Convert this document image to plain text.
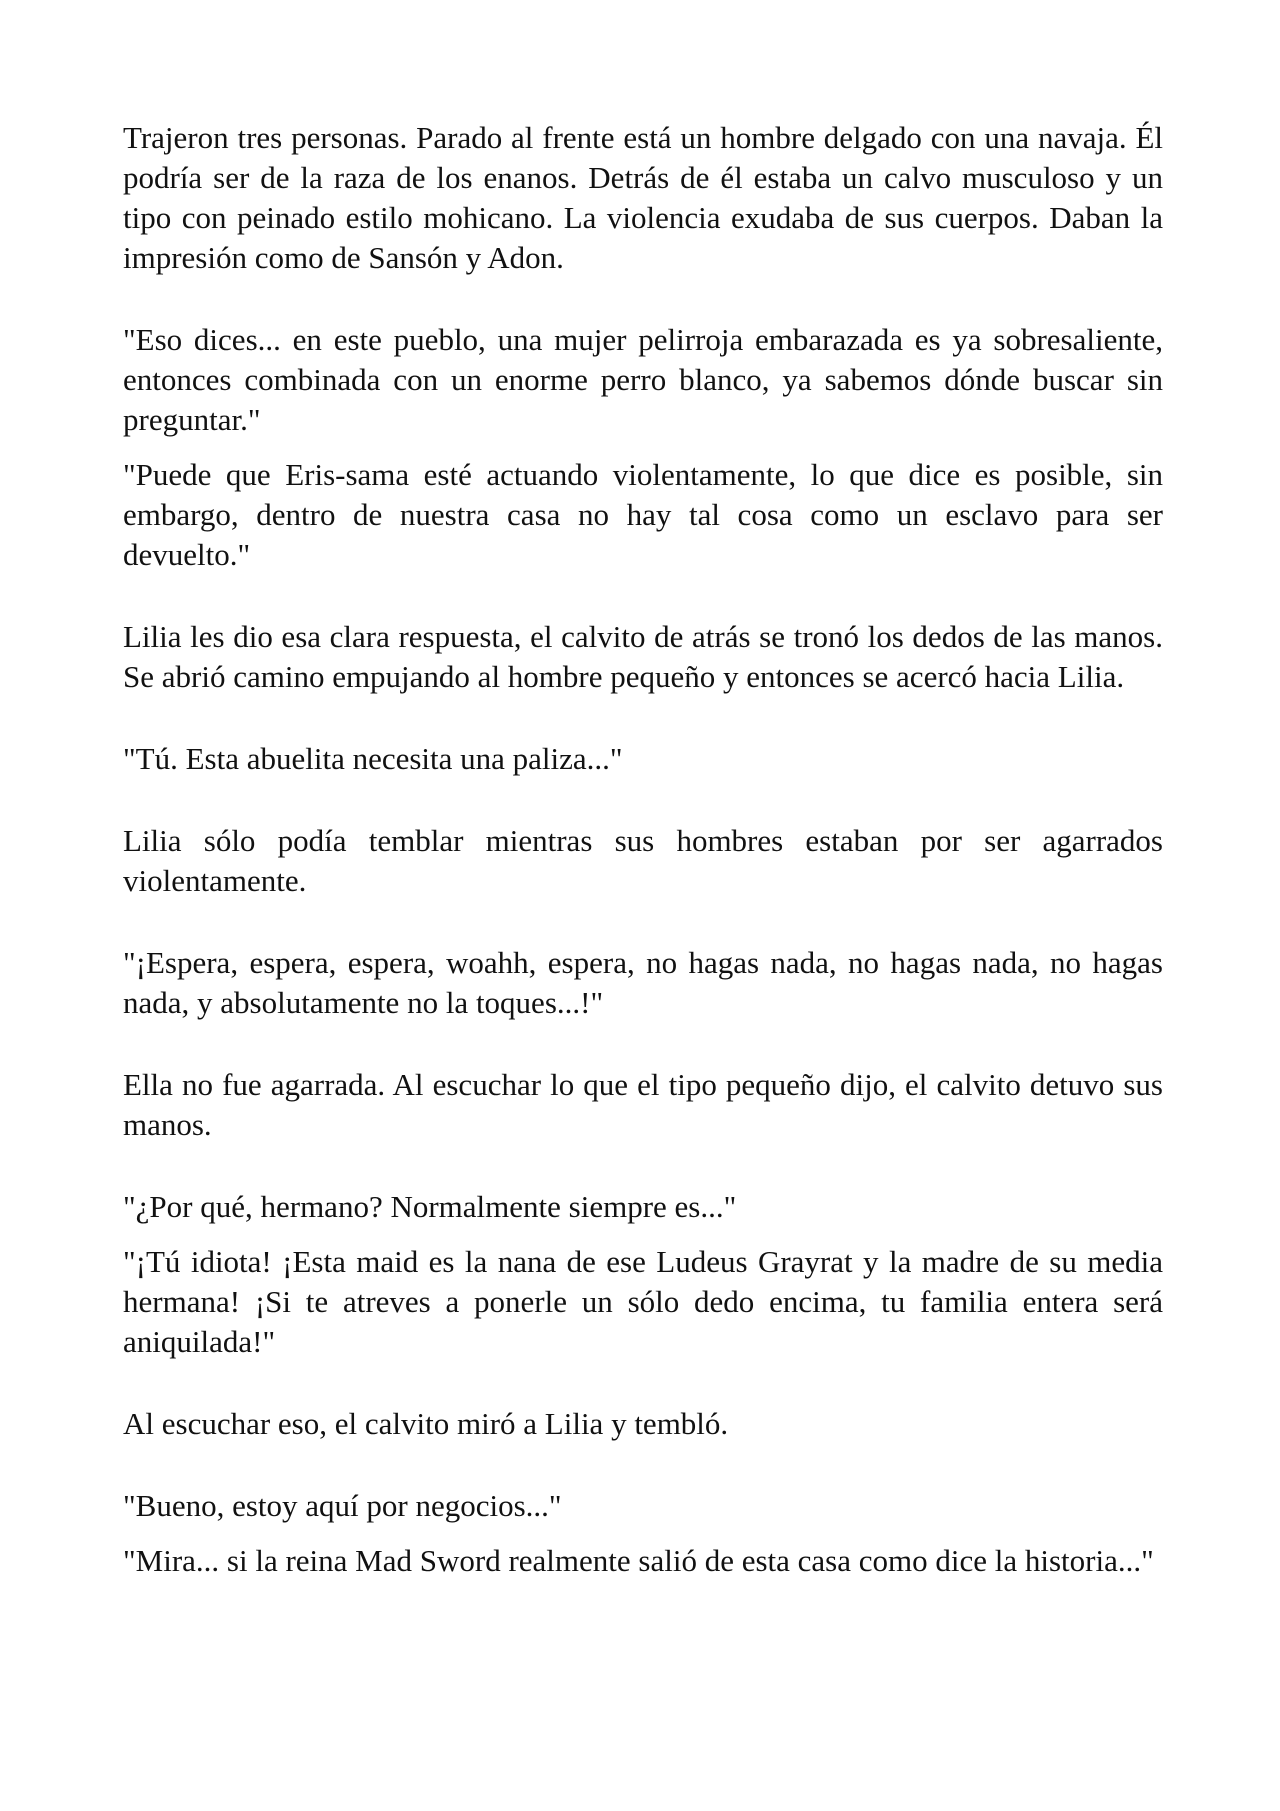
Trajeron tres personas. Parado al frente está un hombre delgado con una navaja. Él podría ser de la raza de los enanos. Detrás de él estaba un calvo musculoso y un tipo con peinado estilo mohicano. La violencia exudaba de sus cuerpos. Daban la impresión como de Sansón y Adon.

"Eso dices... en este pueblo, una mujer pelirroja embarazada es ya sobresaliente, entonces combinada con un enorme perro blanco, ya sabemos dónde buscar sin preguntar."

"Puede que Eris-sama esté actuando violentamente, lo que dice es posible, sin embargo, dentro de nuestra casa no hay tal cosa como un esclavo para ser devuelto."

Lilia les dio esa clara respuesta, el calvito de atrás se tronó los dedos de las manos. Se abrió camino empujando al hombre pequeño y entonces se acercó hacia Lilia.

"Tú. Esta abuelita necesita una paliza..."

Lilia sólo podía temblar mientras sus hombres estaban por ser agarrados violentamente.

"¡Espera, espera, espera, woahh, espera, no hagas nada, no hagas nada, no hagas nada, y absolutamente no la toques...!"

Ella no fue agarrada. Al escuchar lo que el tipo pequeño dijo, el calvito detuvo sus manos.

"¿Por qué, hermano? Normalmente siempre es..."

"¡Tú idiota! ¡Esta maid es la nana de ese Ludeus Grayrat y la madre de su media hermana! ¡Si te atreves a ponerle un sólo dedo encima, tu familia entera será aniquilada!"

Al escuchar eso, el calvito miró a Lilia y tembló.

"Bueno, estoy aquí por negocios..."

"Mira... si la reina Mad Sword realmente salió de esta casa como dice la historia..."
